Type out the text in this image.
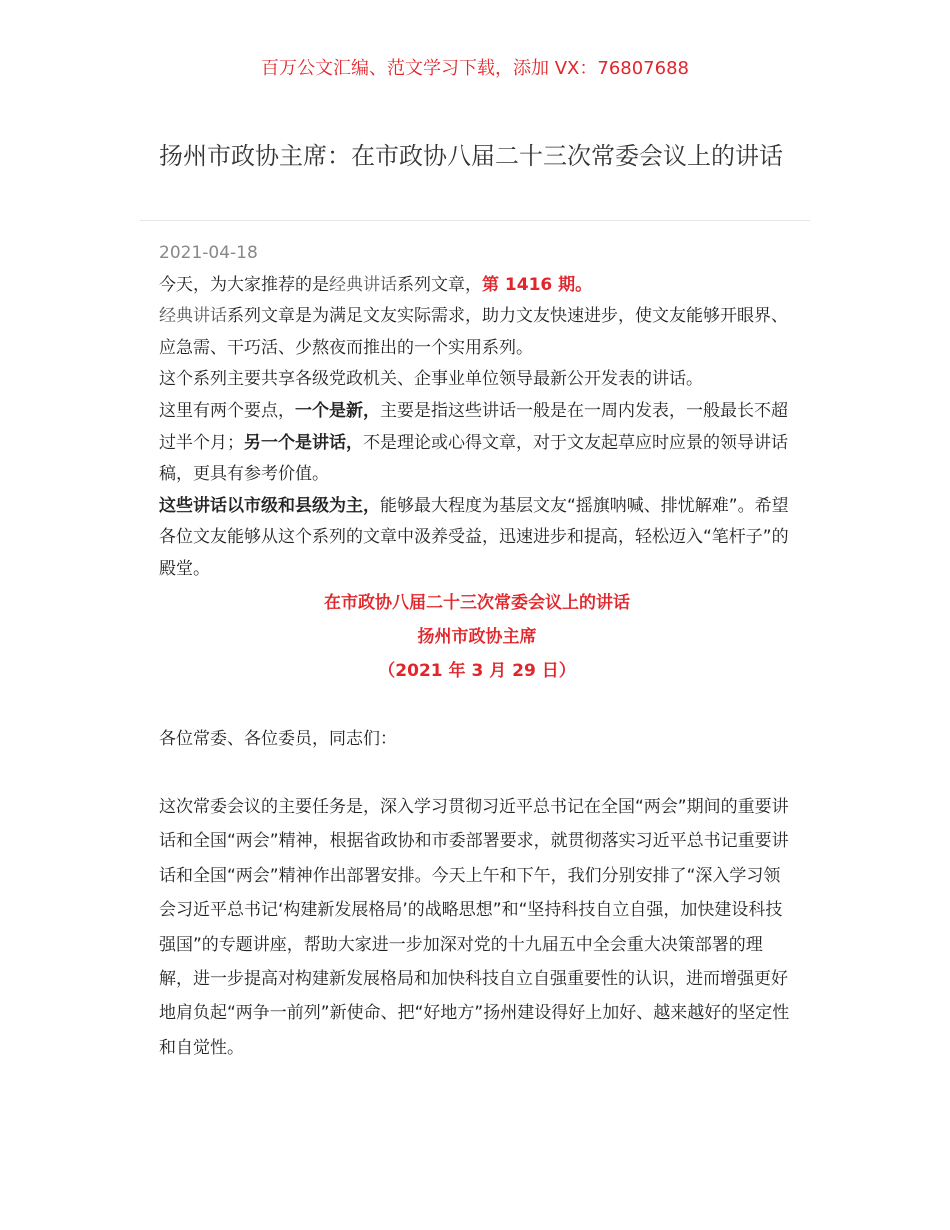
百万公文汇编、范文学习下载，添加 VX：76807688
扬州市政协主席：在市政协八届二十三次常委会议上的讲话

2021-04-18

今天，为大家推荐的是经典讲话系列文章，第 1416 期。

经典讲话系列文章是为满足文友实际需求，助力文友快速进步，使文友能够开眼界、应急需、干巧活、少熬夜而推出的一个实用系列。

这个系列主要共享各级党政机关、企事业单位领导最新公开发表的讲话。

这里有两个要点，一个是新，主要是指这些讲话一般是在一周内发表，一般最长不超过半个月；另一个是讲话，不是理论或心得文章，对于文友起草应时应景的领导讲话稿，更具有参考价值。

这些讲话以市级和县级为主，能够最大程度为基层文友“摇旗呐喊、排忧解难”。希望各位文友能够从这个系列的文章中汲养受益，迅速进步和提高，轻松迈入“笔杆子”的殿堂。

在市政协八届二十三次常委会议上的讲话

扬州市政协主席

（2021 年 3 月 29 日）

各位常委、各位委员，同志们：

这次常委会议的主要任务是，深入学习贯彻习近平总书记在全国“两会”期间的重要讲话和全国“两会”精神，根据省政协和市委部署要求，就贯彻落实习近平总书记重要讲话和全国“两会”精神作出部署安排。今天上午和下午，我们分别安排了“深入学习领会习近平总书记‘构建新发展格局’的战略思想”和“坚持科技自立自强，加快建设科技强国”的专题讲座，帮助大家进一步加深对党的十九届五中全会重大决策部署的理解，进一步提高对构建新发展格局和加快科技自立自强重要性的认识，进而增强更好地肩负起“两争一前列”新使命、把“好地方”扬州建设得好上加好、越来越好的坚定性和自觉性。
